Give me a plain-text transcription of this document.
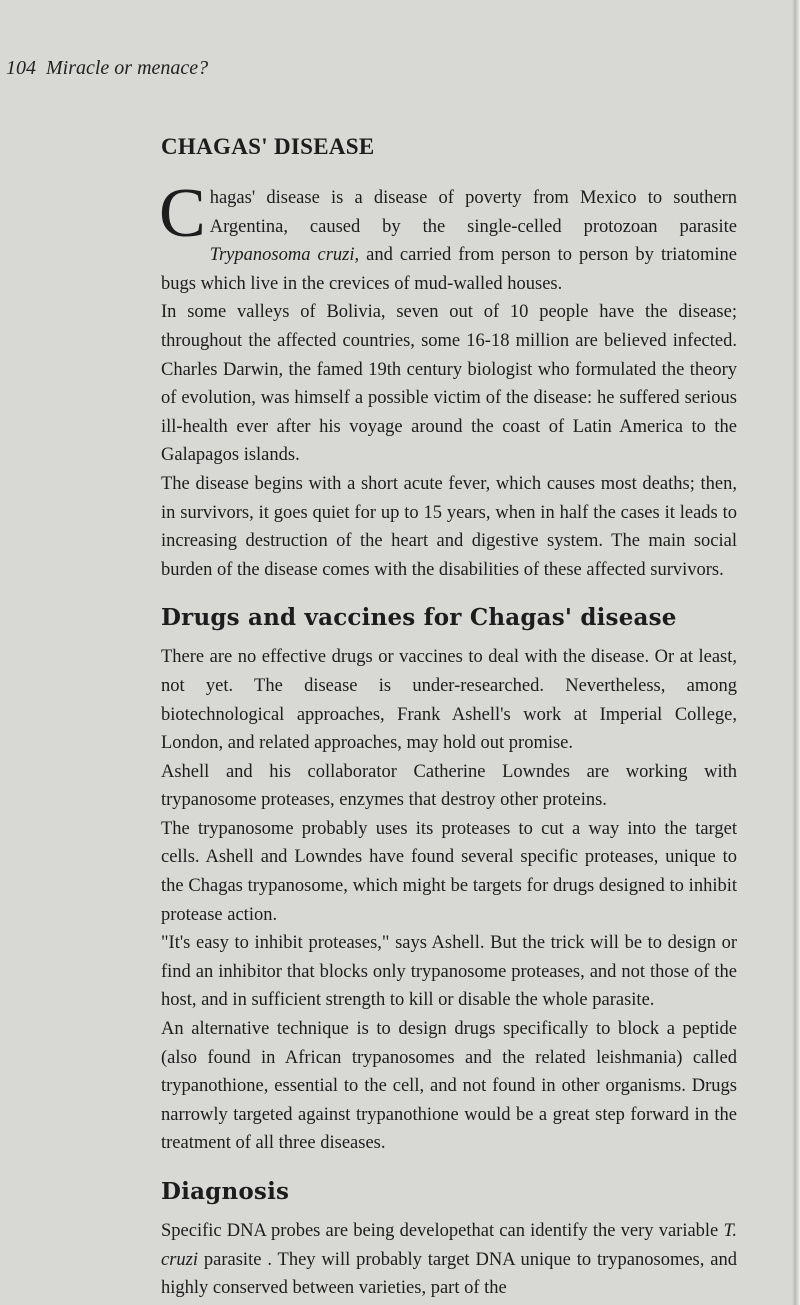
104 Miracle or menace?
CHAGAS' DISEASE

Chagas' disease is a disease of poverty from Mexico to southern Argentina, caused by the single-celled protozoan parasite Trypanosoma cruzi, and carried from person to person by triatomine bugs which live in the crevices of mud-walled houses.

In some valleys of Bolivia, seven out of 10 people have the disease; throughout the affected countries, some 16-18 million are believed infected. Charles Darwin, the famed 19th century biologist who formulated the theory of evolution, was himself a possible victim of the disease: he suffered serious ill-health ever after his voyage around the coast of Latin America to the Galapagos islands.

The disease begins with a short acute fever, which causes most deaths; then, in survivors, it goes quiet for up to 15 years, when in half the cases it leads to increasing destruction of the heart and digestive system. The main social burden of the disease comes with the disabilities of these affected survivors.

Drugs and vaccines for Chagas' disease

There are no effective drugs or vaccines to deal with the disease. Or at least, not yet. The disease is under-researched. Nevertheless, among biotechnological approaches, Frank Ashell's work at Imperial College, London, and related approaches, may hold out promise.

Ashell and his collaborator Catherine Lowndes are working with trypanosome proteases, enzymes that destroy other proteins.

The trypanosome probably uses its proteases to cut a way into the target cells. Ashell and Lowndes have found several specific proteases, unique to the Chagas trypanosome, which might be targets for drugs designed to inhibit protease action.

"It's easy to inhibit proteases," says Ashell. But the trick will be to design or find an inhibitor that blocks only trypanosome proteases, and not those of the host, and in sufficient strength to kill or disable the whole parasite.

An alternative technique is to design drugs specifically to block a peptide (also found in African trypanosomes and the related leishmania) called trypanothione, essential to the cell, and not found in other organisms. Drugs narrowly targeted against trypanothione would be a great step forward in the treatment of all three diseases.

Diagnosis

Specific DNA probes are being developethat can identify the very variable T. cruzi parasite . They will probably target DNA unique to trypanosomes, and highly conserved between varieties, part of the
